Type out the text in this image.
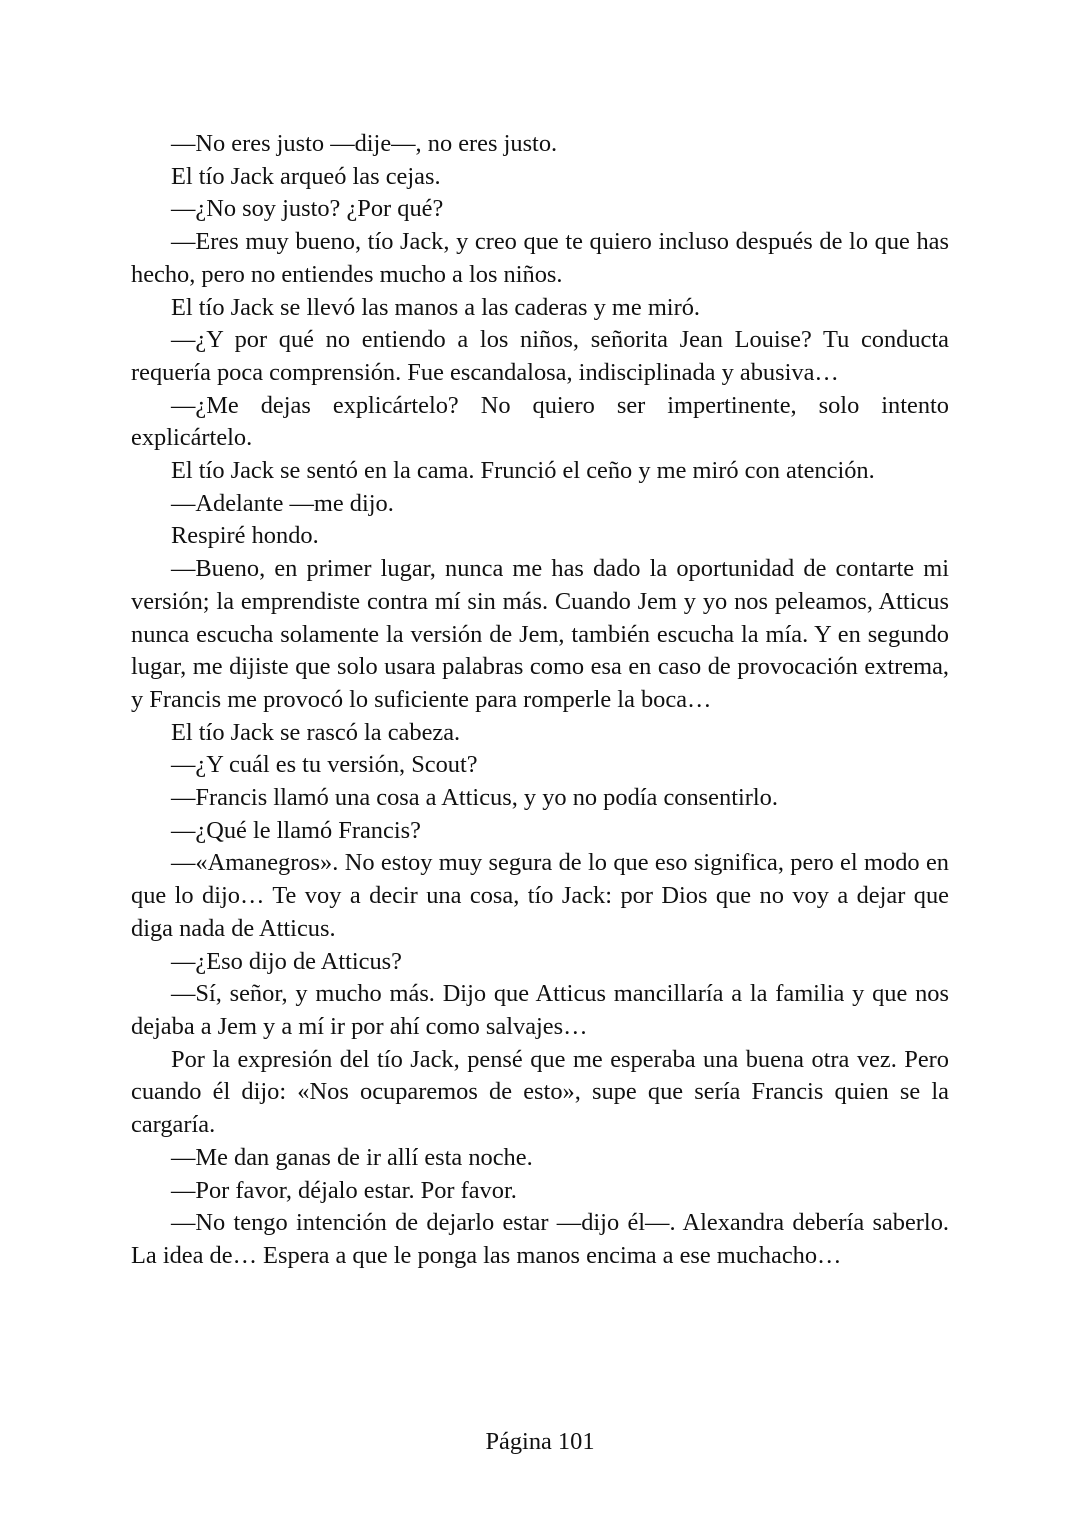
—No eres justo —dije—, no eres justo.

El tío Jack arqueó las cejas.

—¿No soy justo? ¿Por qué?

—Eres muy bueno, tío Jack, y creo que te quiero incluso después de lo que has hecho, pero no entiendes mucho a los niños.

El tío Jack se llevó las manos a las caderas y me miró.

—¿Y por qué no entiendo a los niños, señorita Jean Louise? Tu conducta requería poca comprensión. Fue escandalosa, indisciplinada y abusiva…

—¿Me dejas explicártelo? No quiero ser impertinente, solo intento explicártelo.

El tío Jack se sentó en la cama. Frunció el ceño y me miró con atención.

—Adelante —me dijo.

Respiré hondo.

—Bueno, en primer lugar, nunca me has dado la oportunidad de contarte mi versión; la emprendiste contra mí sin más. Cuando Jem y yo nos peleamos, Atticus nunca escucha solamente la versión de Jem, también escucha la mía. Y en segundo lugar, me dijiste que solo usara palabras como esa en caso de provocación extrema, y Francis me provocó lo suficiente para romperle la boca…

El tío Jack se rascó la cabeza.

—¿Y cuál es tu versión, Scout?

—Francis llamó una cosa a Atticus, y yo no podía consentirlo.

—¿Qué le llamó Francis?

—«Amanegros». No estoy muy segura de lo que eso significa, pero el modo en que lo dijo… Te voy a decir una cosa, tío Jack: por Dios que no voy a dejar que diga nada de Atticus.

—¿Eso dijo de Atticus?

—Sí, señor, y mucho más. Dijo que Atticus mancillaría a la familia y que nos dejaba a Jem y a mí ir por ahí como salvajes…

Por la expresión del tío Jack, pensé que me esperaba una buena otra vez. Pero cuando él dijo: «Nos ocuparemos de esto», supe que sería Francis quien se la cargaría.

—Me dan ganas de ir allí esta noche.

—Por favor, déjalo estar. Por favor.

—No tengo intención de dejarlo estar —dijo él—. Alexandra debería saberlo. La idea de… Espera a que le ponga las manos encima a ese muchacho…

Página 101
